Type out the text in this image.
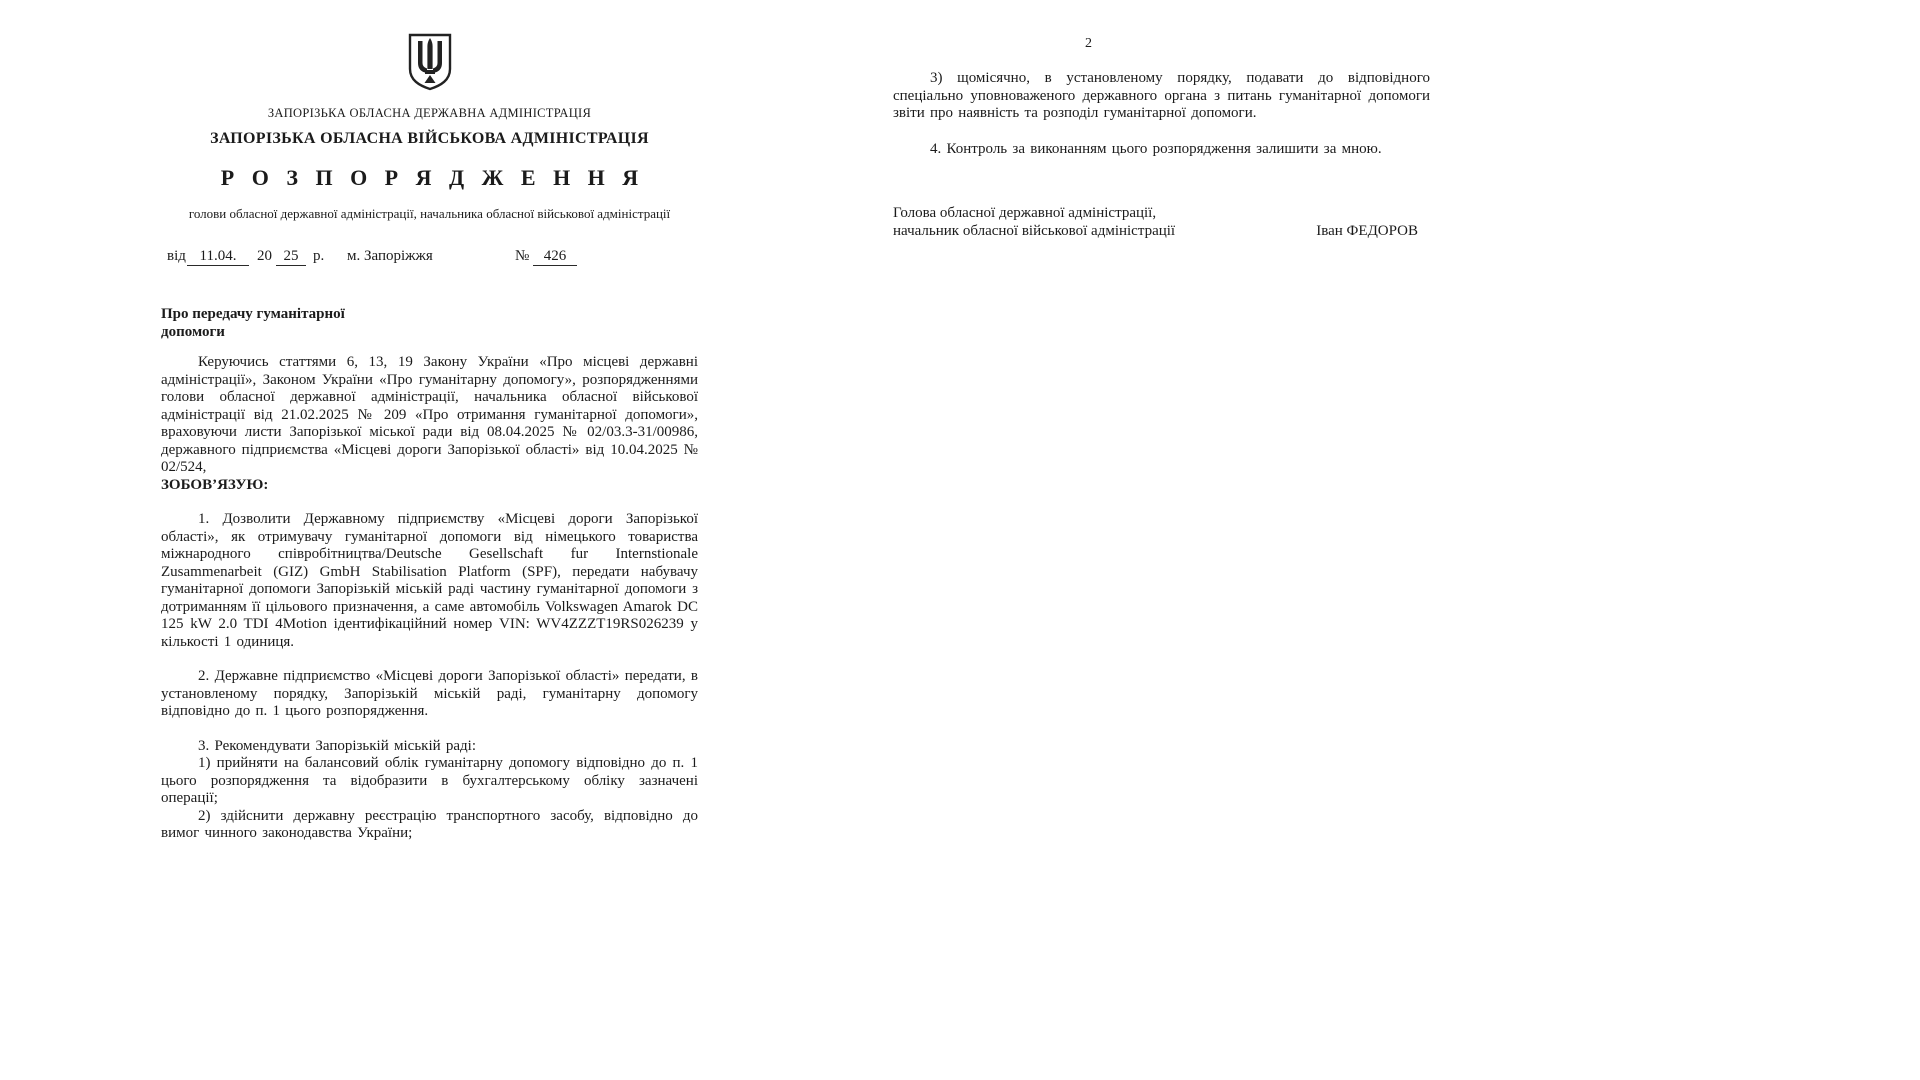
ЗАПОРІЗЬКА ОБЛАСНА ДЕРЖАВНА АДМІНІСТРАЦІЯ
ЗАПОРІЗЬКА ОБЛАСНА ВІЙСЬКОВА АДМІНІСТРАЦІЯ
Р О З П О Р Я Д Ж Е Н Н Я
голови обласної державної адміністрації, начальника обласної військової адміністрації
від 11.04.	20 25 р. м. Запоріжжя	№ 426
Про передачу гуманітарної
допомоги

Керуючись статтями 6, 13, 19 Закону України «Про місцеві державні адміністрації», Законом України «Про гуманітарну допомогу», розпорядженнями голови обласної державної адміністрації, начальника обласної військової адміністрації від 21.02.2025 № 209 «Про отримання гуманітарної допомоги», враховуючи листи Запорізької міської ради від 08.04.2025 № 02/03.3-31/00986, державного підприємства «Місцеві дороги Запорізької області» від 10.04.2025 № 02/524,

ЗОБОВ’ЯЗУЮ:

1. Дозволити Державному підприємству «Місцеві дороги Запорізької області», як отримувачу гуманітарної допомоги від німецького товариства міжнародного співробітництва/Deutsche Gesellschaft fur Internstionale Zusammenarbeit (GIZ) GmbH Stabilisation Platform (SPF), передати набувачу гуманітарної допомоги Запорізькій міській раді частину гуманітарної допомоги з дотриманням її цільового призначення, а саме автомобіль Volkswagen Amarok DC 125 kW 2.0 TDI 4Motion ідентифікаційний номер VIN: WV4ZZZT19RS026239 у кількості 1 одиниця.

2. Державне підприємство «Місцеві дороги Запорізької області» передати, в установленому порядку, Запорізькій міській раді, гуманітарну допомогу відповідно до п. 1 цього розпорядження.

3. Рекомендувати Запорізькій міській раді:

1) прийняти на балансовий облік гуманітарну допомогу відповідно до п. 1 цього розпорядження та відобразити в бухгалтерському обліку зазначені операції;

2) здійснити державну реєстрацію транспортного засобу, відповідно до вимог чинного законодавства України;

2

3) щомісячно, в установленому порядку, подавати до відповідного спеціально уповноваженого державного органа з питань гуманітарної допомоги звіти про наявність та розподіл гуманітарної допомоги.

4. Контроль за виконанням цього розпорядження залишити за мною.

Голова обласної державної адміністрації,
начальник обласної військової адміністрації	Іван ФЕДОРОВ
